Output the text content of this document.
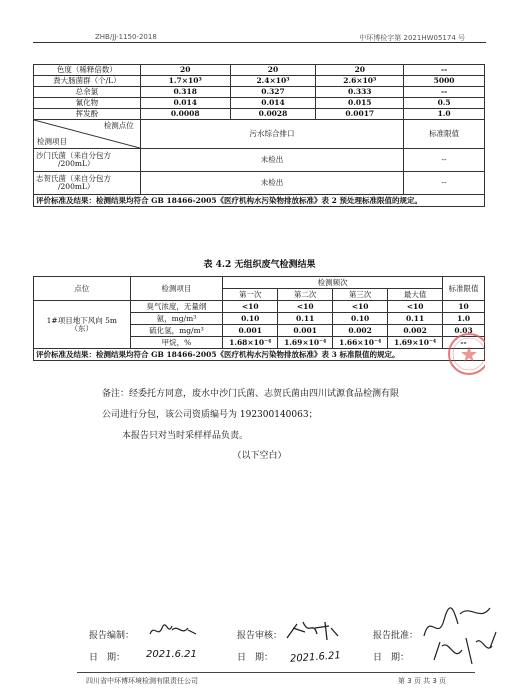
ZHB/JJ-1150-2018	中环博检字第 2021HW05174 号
色度（稀释倍数）	20	20	20	--
粪大肠菌群（个/L）	1.7×10³	2.4×10³	2.6×10³	5000
总余氯	0.318	0.327	0.333	--
氰化物	0.014	0.014	0.015	0.5
挥发酚	0.0008	0.0028	0.0017	1.0

检测点位
检测项目	污水综合排口			标准限值

沙门氏菌（来自分包方
/200mL）	未检出			--

志贺氏菌（来自分包方
/200mL）	未检出			--
评价标准及结果：检测结果均符合 GB 18466-2005《医疗机构水污染物排放标准》表 2 预处理标准限值的规定。				
表 4.2 无组织废气检测结果
点位	检测项目	检测频次				标准限值
		第一次	第二次	第三次	最大值	

1#项目地下风向 5m
（东）	臭气浓度，无量纲	<10	<10	<10	<10	10
	氨，mg/m³	0.10	0.11	0.10	0.11	1.0
	硫化氢，mg/m³	0.001	0.001	0.002	0.002	0.03
	甲烷，%	1.68×10⁻⁴	1.69×10⁻⁴	1.66×10⁻⁴	1.69×10⁻⁴	--
评价标准及结果：检测结果均符合 GB 18466-2005《医疗机构水污染物排放标准》表 3 标准限值的规定。						

备注：经委托方同意，废水中沙门氏菌、志贺氏菌由四川试源食品检测有限

公司进行分包，该公司资质编号为 192300140063；

本报告只对当时采样样品负责。

（以下空白）
报告编制：
日　期：
报告审核：
日　期：
报告批准：
日　期：
2021.6.21	2021.6.21
四川省中环博环境检测有限责任公司	第 3 页 共 3 页
